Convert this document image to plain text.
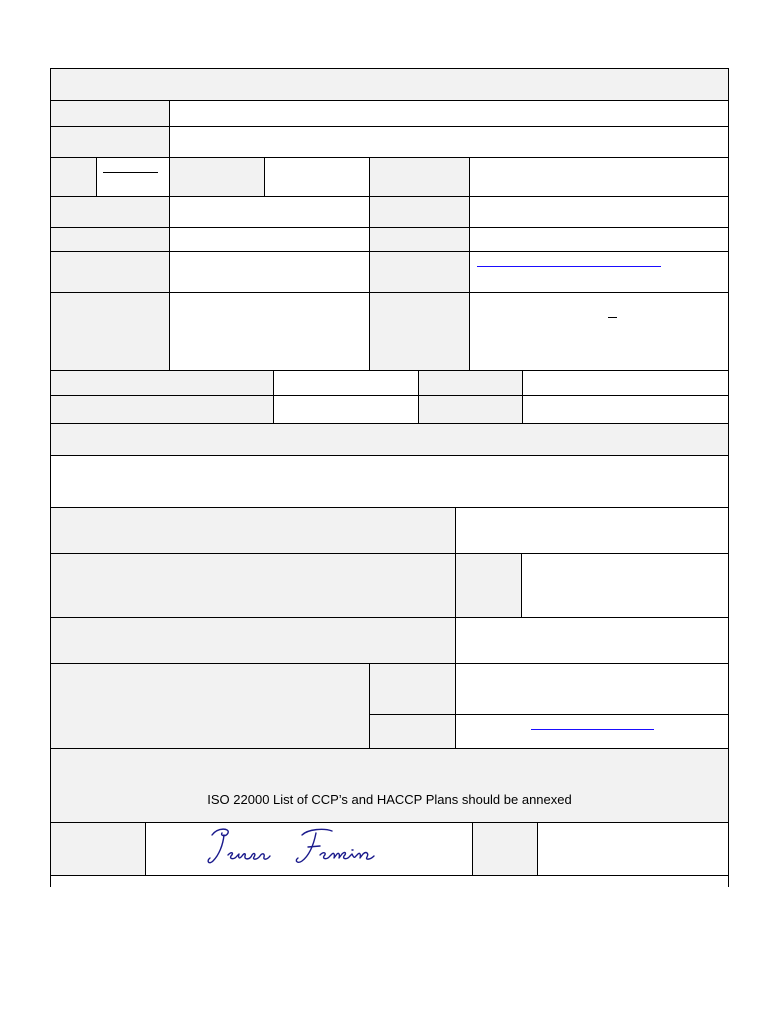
ISO 22000 List of CCP’s and HACCP Plans should be annexed
